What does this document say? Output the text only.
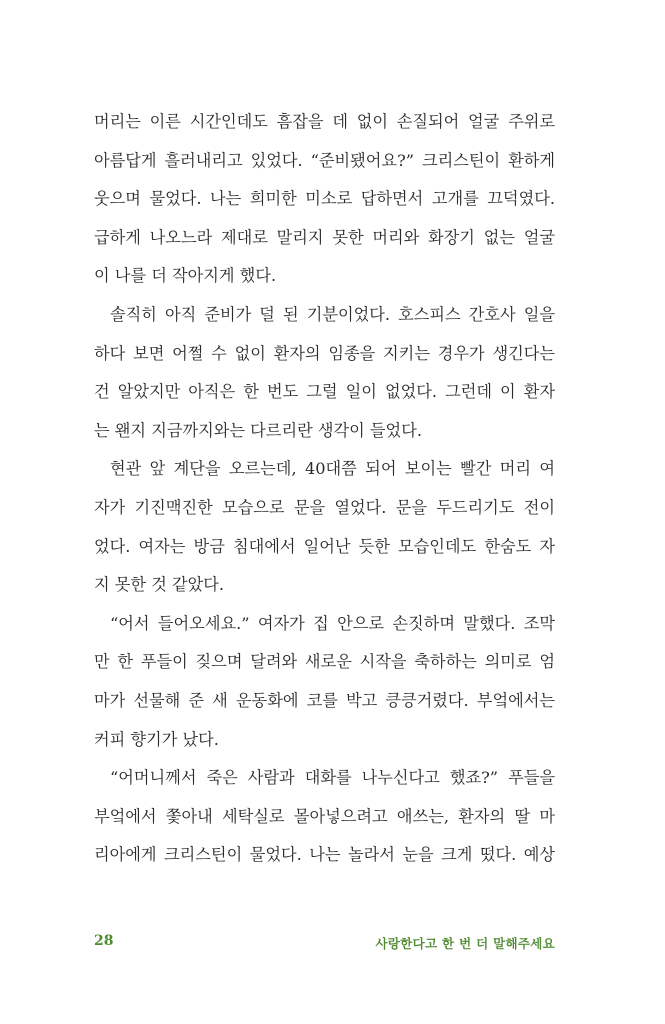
머리는 이른 시간인데도 흠잡을 데 없이 손질되어 얼굴 주위로
아름답게 흘러내리고 있었다. “준비됐어요?” 크리스틴이 환하게
웃으며 물었다. 나는 희미한 미소로 답하면서 고개를 끄덕였다.
급하게 나오느라 제대로 말리지 못한 머리와 화장기 없는 얼굴
이 나를 더 작아지게 했다.
솔직히 아직 준비가 덜 된 기분이었다. 호스피스 간호사 일을
하다 보면 어쩔 수 없이 환자의 임종을 지키는 경우가 생긴다는
건 알았지만 아직은 한 번도 그럴 일이 없었다. 그런데 이 환자
는 왠지 지금까지와는 다르리란 생각이 들었다.
현관 앞 계단을 오르는데, 40대쯤 되어 보이는 빨간 머리 여
자가 기진맥진한 모습으로 문을 열었다. 문을 두드리기도 전이
었다. 여자는 방금 침대에서 일어난 듯한 모습인데도 한숨도 자
지 못한 것 같았다.
“어서 들어오세요.” 여자가 집 안으로 손짓하며 말했다. 조막
만 한 푸들이 짖으며 달려와 새로운 시작을 축하하는 의미로 엄
마가 선물해 준 새 운동화에 코를 박고 킁킁거렸다. 부엌에서는
커피 향기가 났다.
“어머니께서 죽은 사람과 대화를 나누신다고 했죠?” 푸들을
부엌에서 쫓아내 세탁실로 몰아넣으려고 애쓰는, 환자의 딸 마
리아에게 크리스틴이 물었다. 나는 놀라서 눈을 크게 떴다. 예상
28	사랑한다고 한 번 더 말해주세요
